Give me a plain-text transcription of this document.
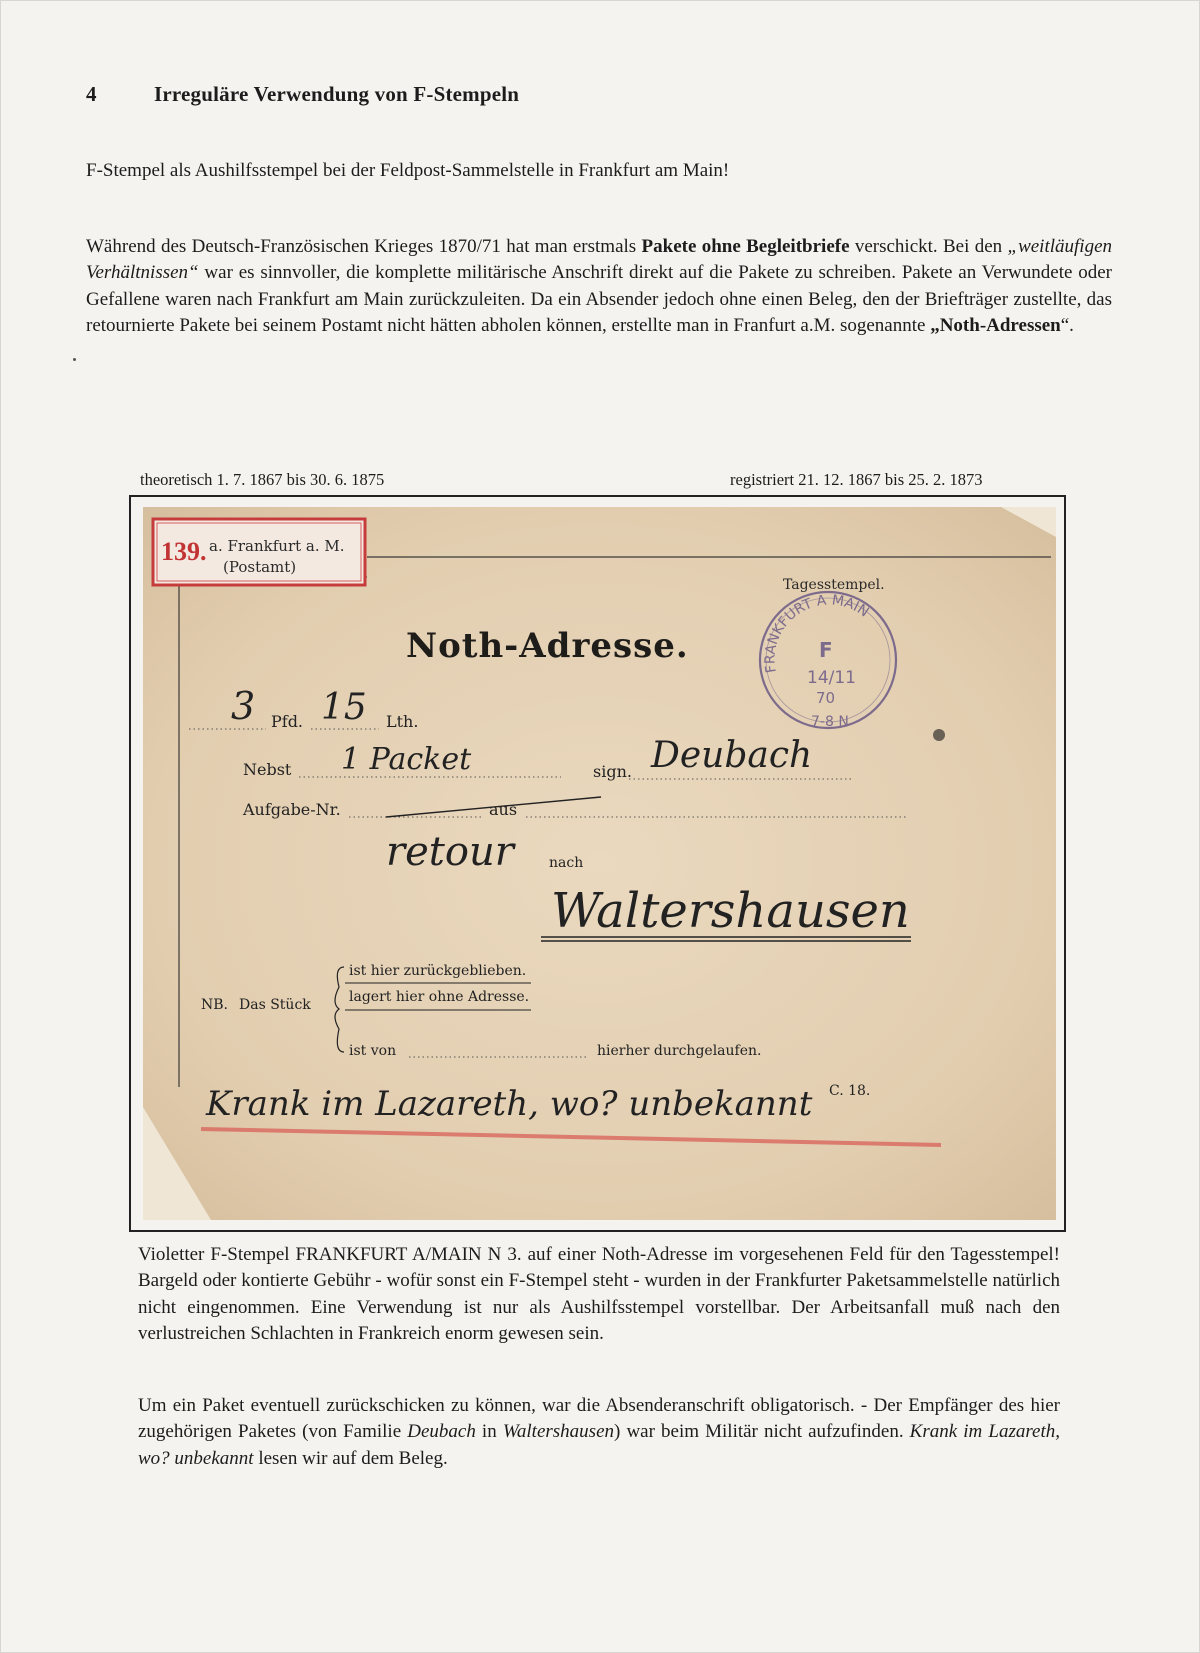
4	Irreguläre Verwendung von F-Stempeln
F-Stempel als Aushilfsstempel bei der Feldpost-Sammelstelle in Frankfurt am Main!
Während des Deutsch-Französischen Krieges 1870/71 hat man erstmals Pakete ohne Begleitbriefe verschickt. Bei den „weitläufigen Verhältnissen“ war es sinnvoller, die komplette militärische Anschrift direkt auf die Pakete zu schreiben. Pakete an Verwundete oder Gefallene waren nach Frankfurt am Main zurückzuleiten. Da ein Absender jedoch ohne einen Beleg, den der Briefträger zustellte, das retournierte Pakete bei seinem Postamt nicht hätten abholen können, erstellte man in Franfurt a.M. sogenannte „Noth-Adressen“.
theoretisch 1. 7. 1867 bis 30. 6. 1875	registriert 21. 12. 1867 bis 25. 2. 1873
139. a. Frankfurt a. M.
(Postamt)
Tagesstempel.
Noth-Adresse.
FRANKFURT A MAIN
F
14/11
70
7-8 N
3 Pfd. 15 Lth.
Nebst 1 Packet	sign. Deubach
Aufgabe-Nr.	aus
retour	nach
Waltershausen
NB. Das Stück
ist hier zurückgeblieben.
lagert hier ohne Adresse.
ist von	hierher durchgelaufen.
C. 18.
Krank im Lazareth, wo? unbekannt
Violetter F-Stempel FRANKFURT A/MAIN N 3. auf einer Noth-Adresse im vorgesehenen Feld für den Tagesstempel! Bargeld oder kontierte Gebühr - wofür sonst ein F-Stempel steht - wurden in der Frankfurter Paketsammelstelle natürlich nicht eingenommen. Eine Verwendung ist nur als Aushilfsstempel vorstellbar. Der Arbeitsanfall muß nach den verlustreichen Schlachten in Frankreich enorm gewesen sein.
Um ein Paket eventuell zurückschicken zu können, war die Absenderanschrift obligatorisch. - Der Empfänger des hier zugehörigen Paketes (von Familie Deubach in Waltershausen) war beim Militär nicht aufzufinden. Krank im Lazareth, wo? unbekannt lesen wir auf dem Beleg.
